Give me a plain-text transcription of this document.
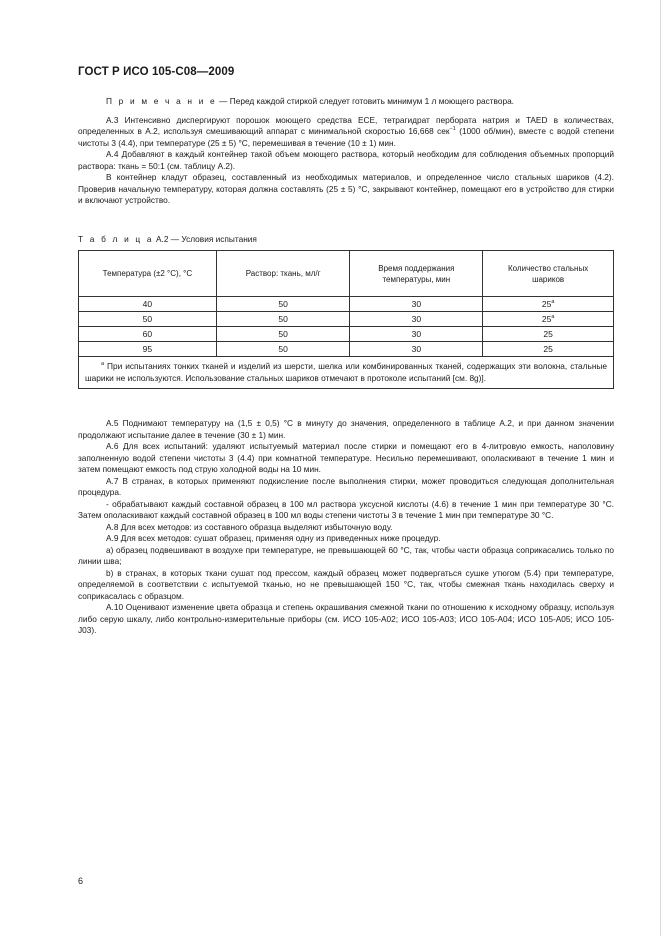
ГОСТ Р ИСО 105-C08—2009

П р и м е ч а н и е — Перед каждой стиркой следует готовить минимум 1 л моющего раствора.

А.3 Интенсивно диспергируют порошок моющего средства ЕСЕ, тетрагидрат пербората натрия и TAED в количествах, определенных в А.2, используя смешивающий аппарат с минимальной скоростью 16,668 сек$^{-1}$ (1000 об/мин), вместе с водой степени чистоты 3 (4.4), при температуре (25 ± 5) °С, перемешивая в течение (10 ± 1) мин.

А.4 Добавляют в каждый контейнер такой объем моющего раствора, который необходим для соблюдения объемных пропорций раствора: ткань = 50:1 (см. таблицу А.2).

В контейнер кладут образец, составленный из необходимых материалов, и определенное число стальных шариков (4.2). Проверив начальную температуру, которая должна составлять (25 ± 5) °С, закрывают контейнер, помещают его в устройство для стирки и включают устройство.

Т а б л и ц а А.2 — Условия испытания
Температура (±2 °С), °С	Раствор: ткань, мл/г	Время поддержания температуры, мин	Количество стальных шариков
40	50	30	25$^a$
50	50	30	25$^a$
60	50	30	25
95	50	30	25
$^a$ При испытаниях тонких тканей и изделий из шерсти, шелка или комбинированных тканей, содержащих эти волокна, стальные шарики не используются. Использование стальных шариков отмечают в протоколе испытаний [см. 8g)].			

А.5 Поднимают температуру на (1,5 ± 0,5) °С в минуту до значения, определенного в таблице А.2, и при данном значении продолжают испытание далее в течение (30 ± 1) мин.

А.6 Для всех испытаний: удаляют испытуемый материал после стирки и помещают его в 4-литровую емкость, наполовину заполненную водой степени чистоты 3 (4.4) при комнатной температуре. Несильно перемешивают, ополаскивают в течение 1 мин и затем помещают емкость под струю холодной воды на 10 мин.

А.7 В странах, в которых применяют подкисление после выполнения стирки, может проводиться следующая дополнительная процедура.

- обрабатывают каждый составной образец в 100 мл раствора уксусной кислоты (4.6) в течение 1 мин при температуре 30 °С. Затем ополаскивают каждый составной образец в 100 мл воды степени чистоты 3 в течение 1 мин при температуре 30 °С.

А.8 Для всех методов: из составного образца выделяют избыточную воду.

А.9 Для всех методов: сушат образец, применяя одну из приведенных ниже процедур.

a) образец подвешивают в воздухе при температуре, не превышающей 60 °С, так, чтобы части образца соприкасались только по линии шва;

b) в странах, в которых ткани сушат под прессом, каждый образец может подвергаться сушке утюгом (5.4) при температуре, определяемой в соответствии с испытуемой тканью, но не превышающей 150 °С, так, чтобы смежная ткань находилась сверху и соприкасалась с образцом.

А.10 Оценивают изменение цвета образца и степень окрашивания смежной ткани по отношению к исходному образцу, используя либо серую шкалу, либо контрольно-измерительные приборы (см. ИСО 105-А02; ИСО 105-А03; ИСО 105-А04; ИСО 105-А05; ИСО 105-J03).

6
